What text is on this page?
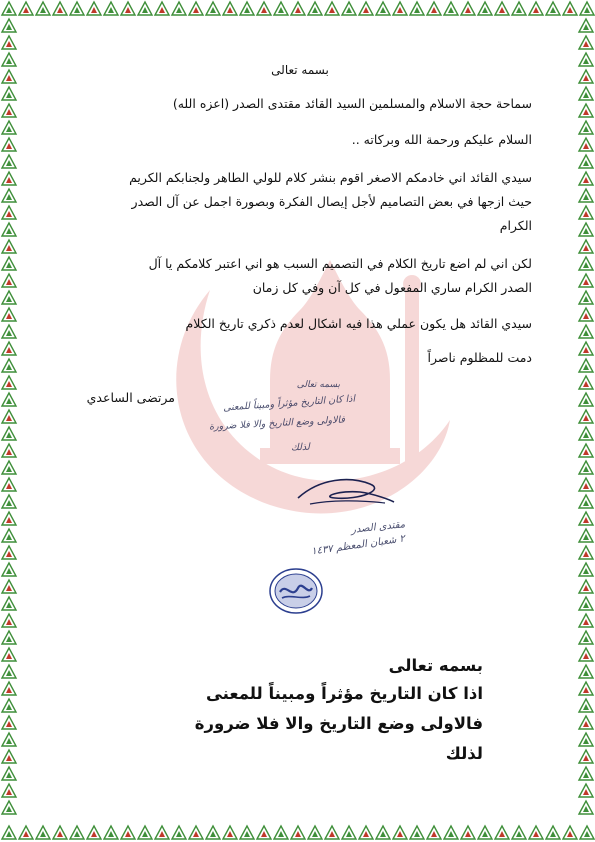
بسمه تعالى
سماحة حجة الاسلام والمسلمين السيد القائد مقتدى الصدر (اعزه الله)
السلام عليكم ورحمة الله وبركاته ..
سيدي القائد اني خادمكم الاصغر اقوم بنشر كلام للولي الطاهر ولجنابكم الكريم
حيث ازجها في بعض التصاميم لأجل إيصال الفكرة وبصورة اجمل عن آل الصدر
الكرام
لكن اني لم اضع تاريخ الكلام في التصميم السبب هو اني اعتبر كلامكم يا آل
الصدر الكرام ساري المفعول في كل آن وفي كل زمان
سيدي القائد هل يكون عملي هذا فيه اشكال لعدم ذكري تاريخ الكلام
دمت للمظلوم ناصراً
مرتضى الساعدي
بسمه تعالى
اذا كان التاريخ مؤثراً ومبيناً للمعنى
فالاولى وضع التاريخ والا فلا ضرورة
لذلك
مقتدى الصدر
٢ شعبان المعظم ١٤٣٧
بسمه تعالى
اذا كان التاريخ مؤثراً ومبيناً للمعنى
فالاولى وضع التاريخ والا فلا ضرورة
لذلك
